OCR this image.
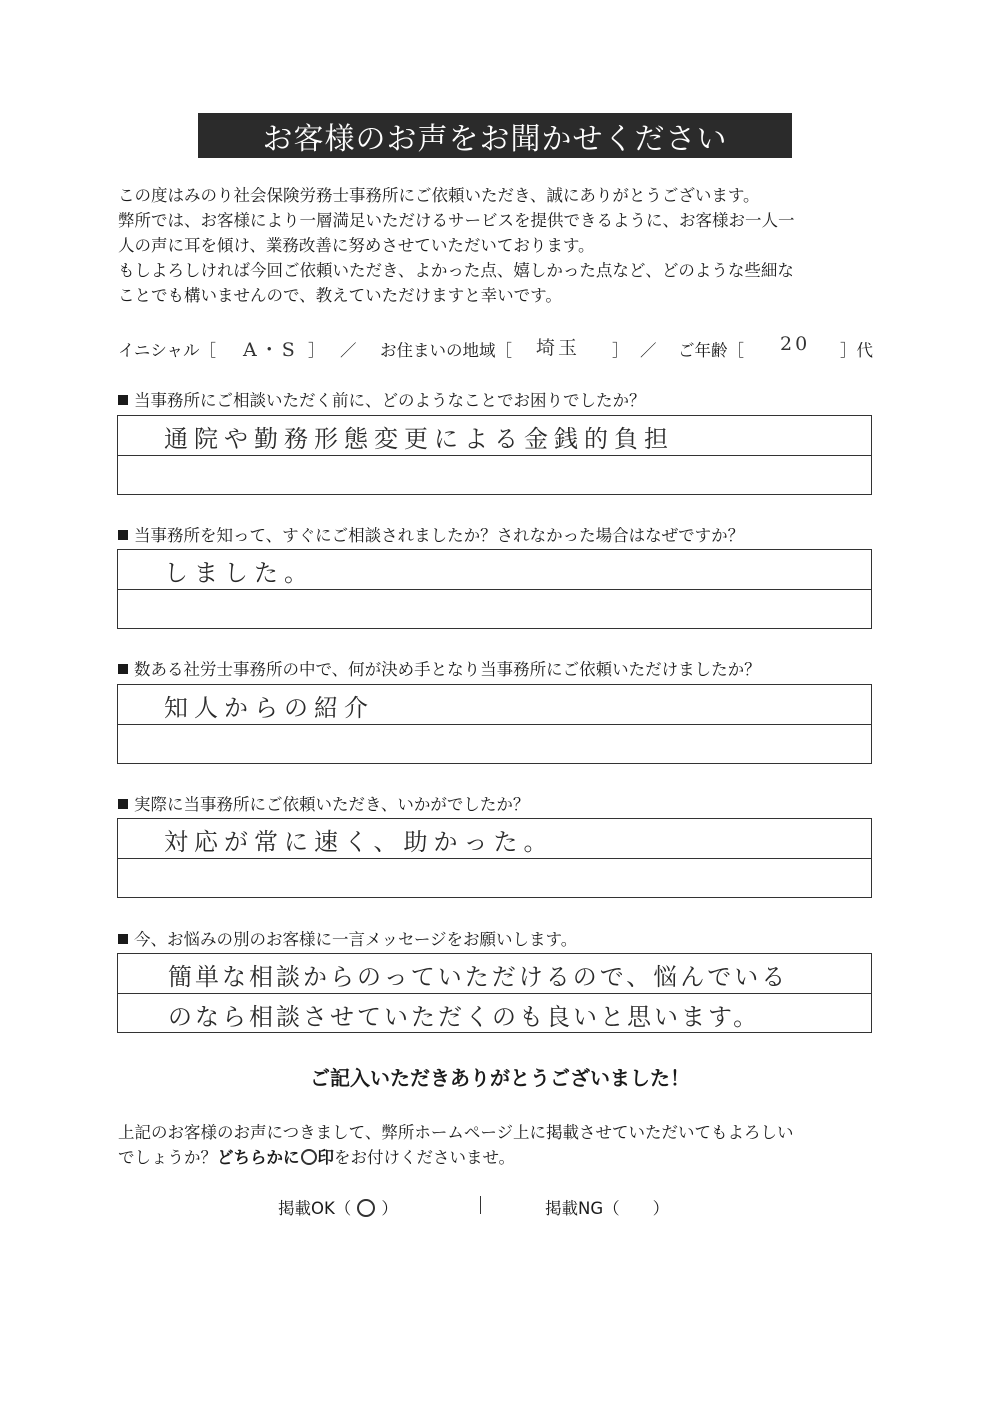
お客様のお声をお聞かせください

この度はみのり社会保険労務士事務所にご依頼いただき、誠にありがとうございます。

弊所では、お客様により一層満足いただけるサービスを提供できるように、お客様お一人一

人の声に耳を傾け、業務改善に努めさせていただいております。

もしよろしければ今回ご依頼いただき、よかった点、嬉しかった点など、どのような些細な

ことでも構いませんので、教えていただけますと幸いです。

イニシャル［ A・S ］ ／ お住まいの地域［ 埼玉 ］ ／ ご年齢［ 20 ］代
当事務所にご相談いただく前に、どのようなことでお困りでしたか？
通院や勤務形態変更による金銭的負担
当事務所を知って、すぐにご相談されましたか？されなかった場合はなぜですか？
しました。
数ある社労士事務所の中で、何が決め手となり当事務所にご依頼いただけましたか？
知人からの紹介
実際に当事務所にご依頼いただき、いかがでしたか？
対応が常に速く、助かった。
今、お悩みの別のお客様に一言メッセージをお願いします。
簡単な相談からのっていただけるので、悩んでいる
のなら相談させていただくのも良いと思います。
ご記入いただきありがとうございました！

上記のお客様のお声につきまして、弊所ホームページ上に掲載させていただいてもよろしい

でしょうか？どちらかに○印をお付けくださいませ。

掲載OK（ ○ ）	掲載NG（　　）
